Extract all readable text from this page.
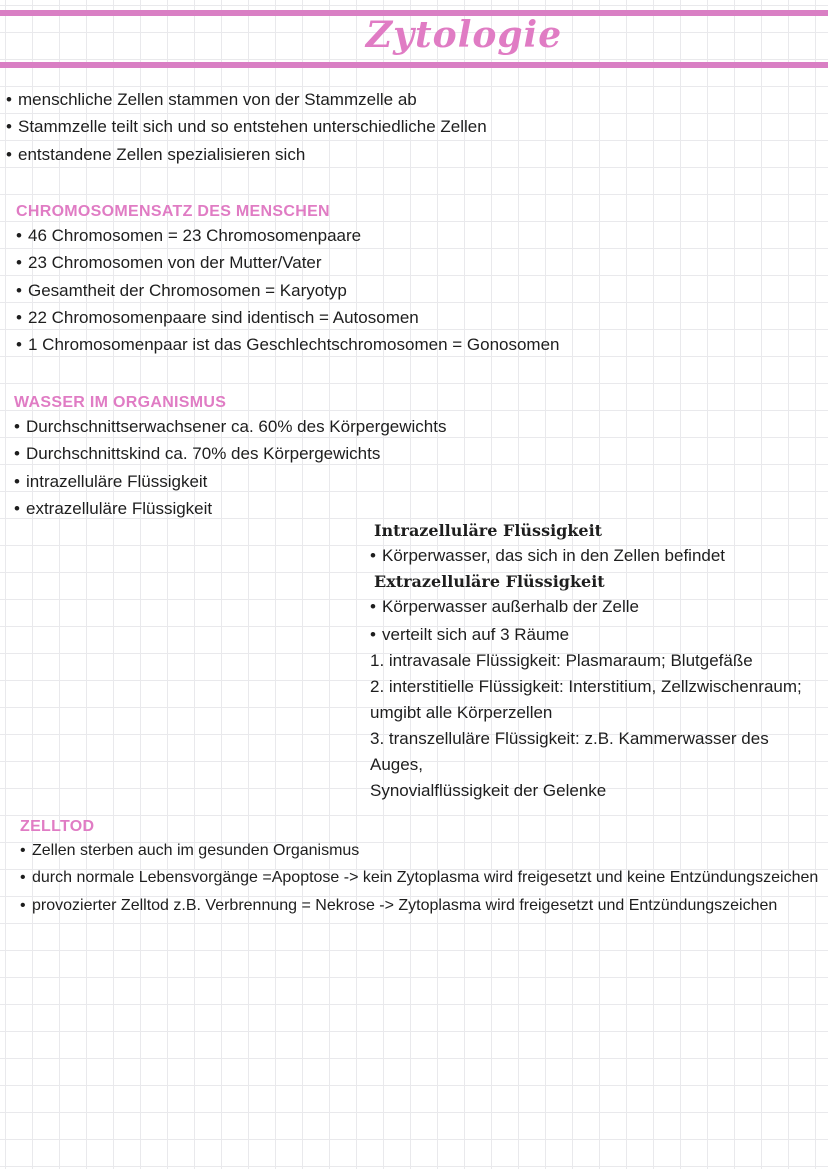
Zytologie
• menschliche Zellen stammen von der Stammzelle ab
• Stammzelle teilt sich und so entstehen unterschiedliche Zellen
• entstandene Zellen spezialisieren sich
CHROMOSOMENSATZ DES MENSCHEN
• 46 Chromosomen = 23 Chromosomenpaare
• 23 Chromosomen von der Mutter/Vater
• Gesamtheit der Chromosomen = Karyotyp
• 22 Chromosomenpaare sind identisch = Autosomen
• 1 Chromosomenpaar ist das Geschlechtschromosomen = Gonosomen
WASSER IM ORGANISMUS
• Durchschnittserwachsener ca. 60% des Körpergewichts
• Durchschnittskind ca. 70% des Körpergewichts
• intrazelluläre Flüssigkeit
• extrazelluläre Flüssigkeit

Intrazelluläre Flüssigkeit

• Körperwasser, das sich in den Zellen befindet

Extrazelluläre Flüssigkeit

• Körperwasser außerhalb der Zelle
• verteilt sich auf 3 Räume

1. intravasale Flüssigkeit: Plasmaraum; Blutgefäße

2. interstitielle Flüssigkeit: Interstitium, Zellzwischenraum;

umgibt alle Körperzellen

3. transzelluläre Flüssigkeit: z.B. Kammerwasser des Auges,

Synovialflüssigkeit der Gelenke

ZELLTOD
• Zellen sterben auch im gesunden Organismus
• durch normale Lebensvorgänge =Apoptose -> kein Zytoplasma wird freigesetzt und keine Entzündungszeichen
• provozierter Zelltod z.B. Verbrennung = Nekrose -> Zytoplasma wird freigesetzt und Entzündungszeichen
